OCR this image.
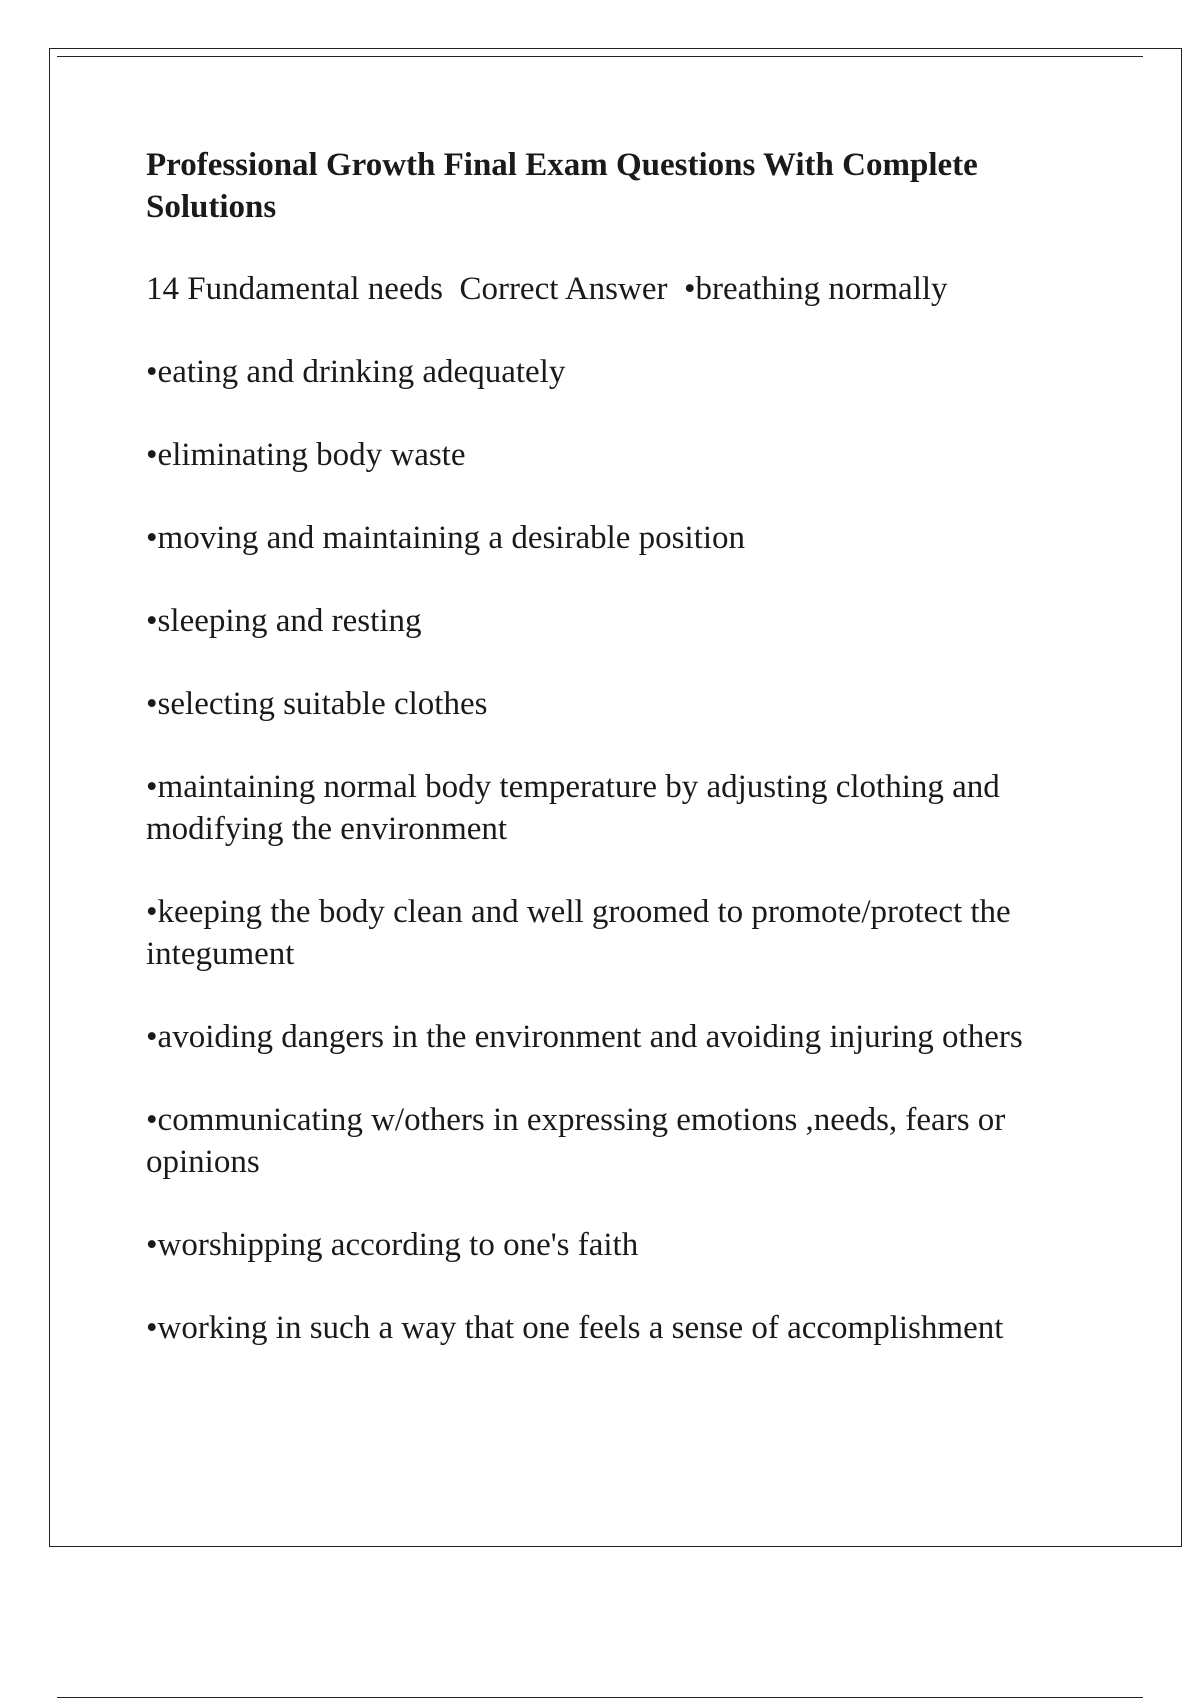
Professional Growth Final Exam Questions With Complete Solutions

14 Fundamental needs Correct Answer •breathing normally

•eating and drinking adequately

•eliminating body waste

•moving and maintaining a desirable position

•sleeping and resting

•selecting suitable clothes

•maintaining normal body temperature by adjusting clothing and modifying the environment

•keeping the body clean and well groomed to promote/protect the integument

•avoiding dangers in the environment and avoiding injuring others

•communicating w/others in expressing emotions ,needs, fears or opinions

•worshipping according to one's faith

•working in such a way that one feels a sense of accomplishment
